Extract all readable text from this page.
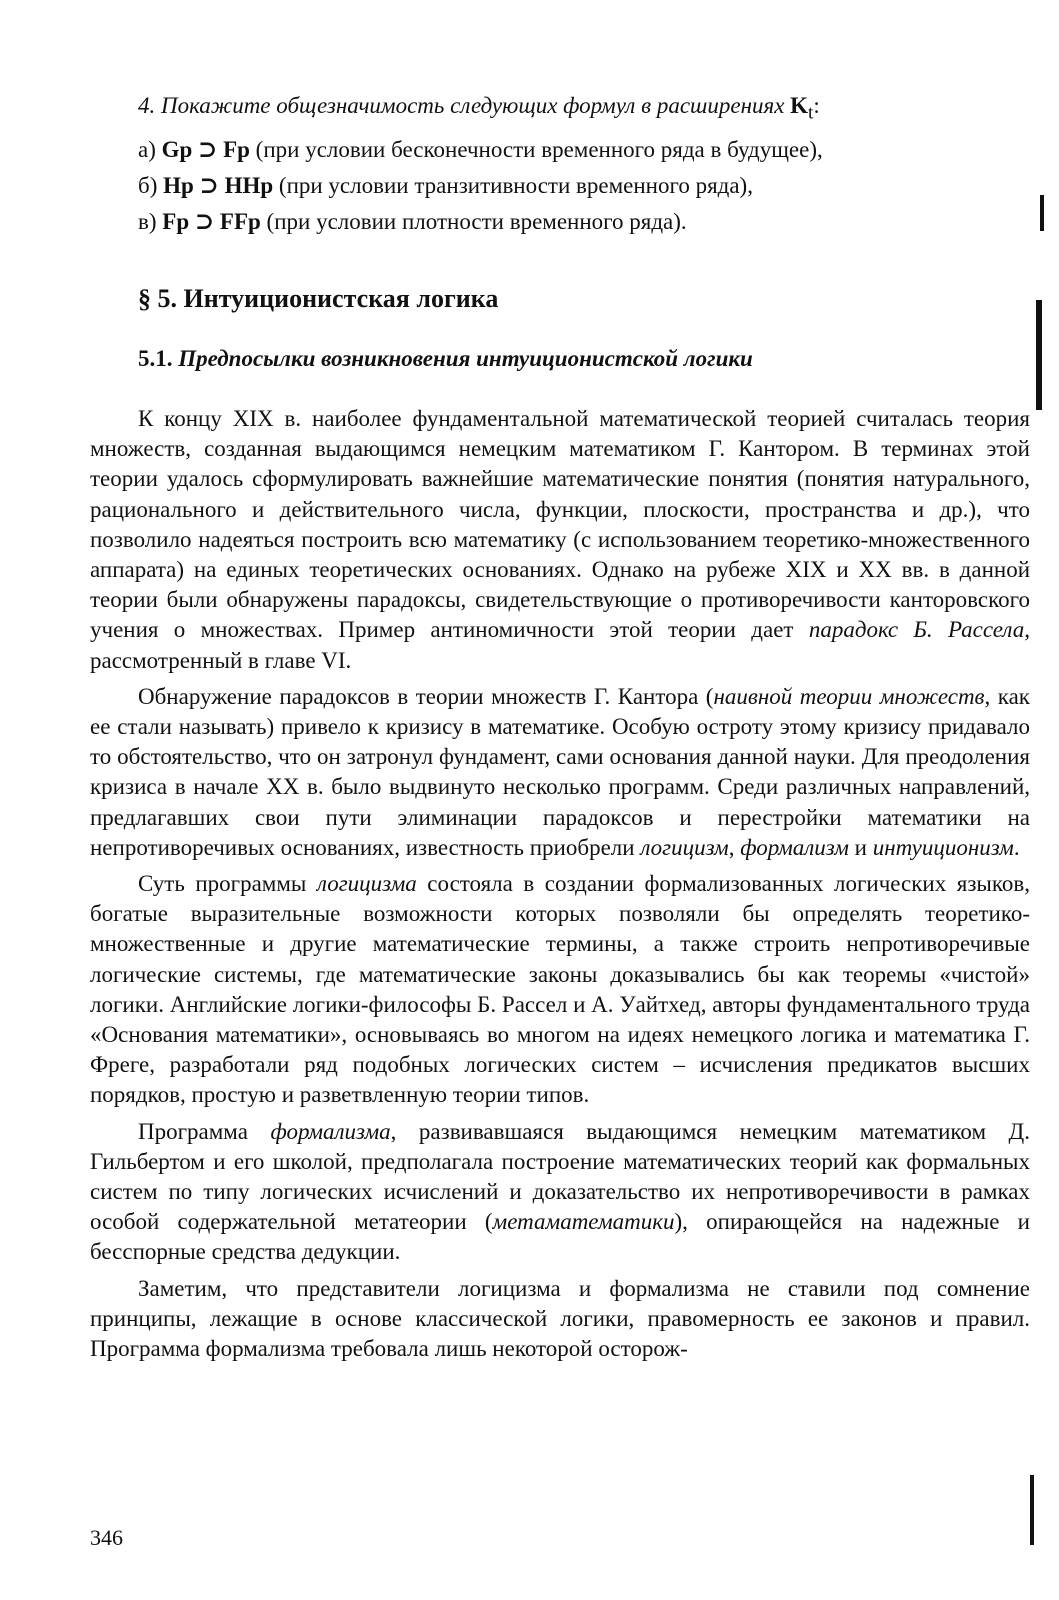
4. Покажите общезначимость следующих формул в расширениях $K_t$:
а) Gp ⊃ Fp (при условии бесконечности временного ряда в будущее),
б) Hp ⊃ HHp (при условии транзитивности временного ряда),
в) Fp ⊃ FFp (при условии плотности временного ряда).
§ 5. Интуиционистская логика
5.1. Предпосылки возникновения интуиционистской логики

К концу XIX в. наиболее фундаментальной математической теорией считалась теория множеств, созданная выдающимся немецким математиком Г. Кантором. В терминах этой теории удалось сформулировать важнейшие математические понятия (понятия натурального, рационального и действительного числа, функции, плоскости, пространства и др.), что позволило надеяться построить всю математику (с использованием теоретико-множественного аппарата) на единых теоретических основаниях. Однако на рубеже XIX и XX вв. в данной теории были обнаружены парадоксы, свидетельствующие о противоречивости канторовского учения о множествах. Пример антиномичности этой теории дает парадокс Б. Рассела, рассмотренный в главе VI.

Обнаружение парадоксов в теории множеств Г. Кантора (наивной теории множеств, как ее стали называть) привело к кризису в математике. Особую остроту этому кризису придавало то обстоятельство, что он затронул фундамент, сами основания данной науки. Для преодоления кризиса в начале XX в. было выдвинуто несколько программ. Среди различных направлений, предлагавших свои пути элиминации парадоксов и перестройки математики на непротиворечивых основаниях, известность приобрели логицизм, формализм и интуиционизм.

Суть программы логицизма состояла в создании формализованных логических языков, богатые выразительные возможности которых позволяли бы определять теоретико-множественные и другие математические термины, а также строить непротиворечивые логические системы, где математические законы доказывались бы как теоремы «чистой» логики. Английские логики-философы Б. Рассел и А. Уайтхед, авторы фундаментального труда «Основания математики», основываясь во многом на идеях немецкого логика и математика Г. Фреге, разработали ряд подобных логических систем – исчисления предикатов высших порядков, простую и разветвленную теории типов.

Программа формализма, развивавшаяся выдающимся немецким математиком Д. Гильбертом и его школой, предполагала построение математических теорий как формальных систем по типу логических исчислений и доказательство их непротиворечивости в рамках особой содержательной метатеории (метаматематики), опирающейся на надежные и бесспорные средства дедукции.

Заметим, что представители логицизма и формализма не ставили под сомнение принципы, лежащие в основе классической логики, правомерность ее законов и правил. Программа формализма требовала лишь некоторой осторож-

346
